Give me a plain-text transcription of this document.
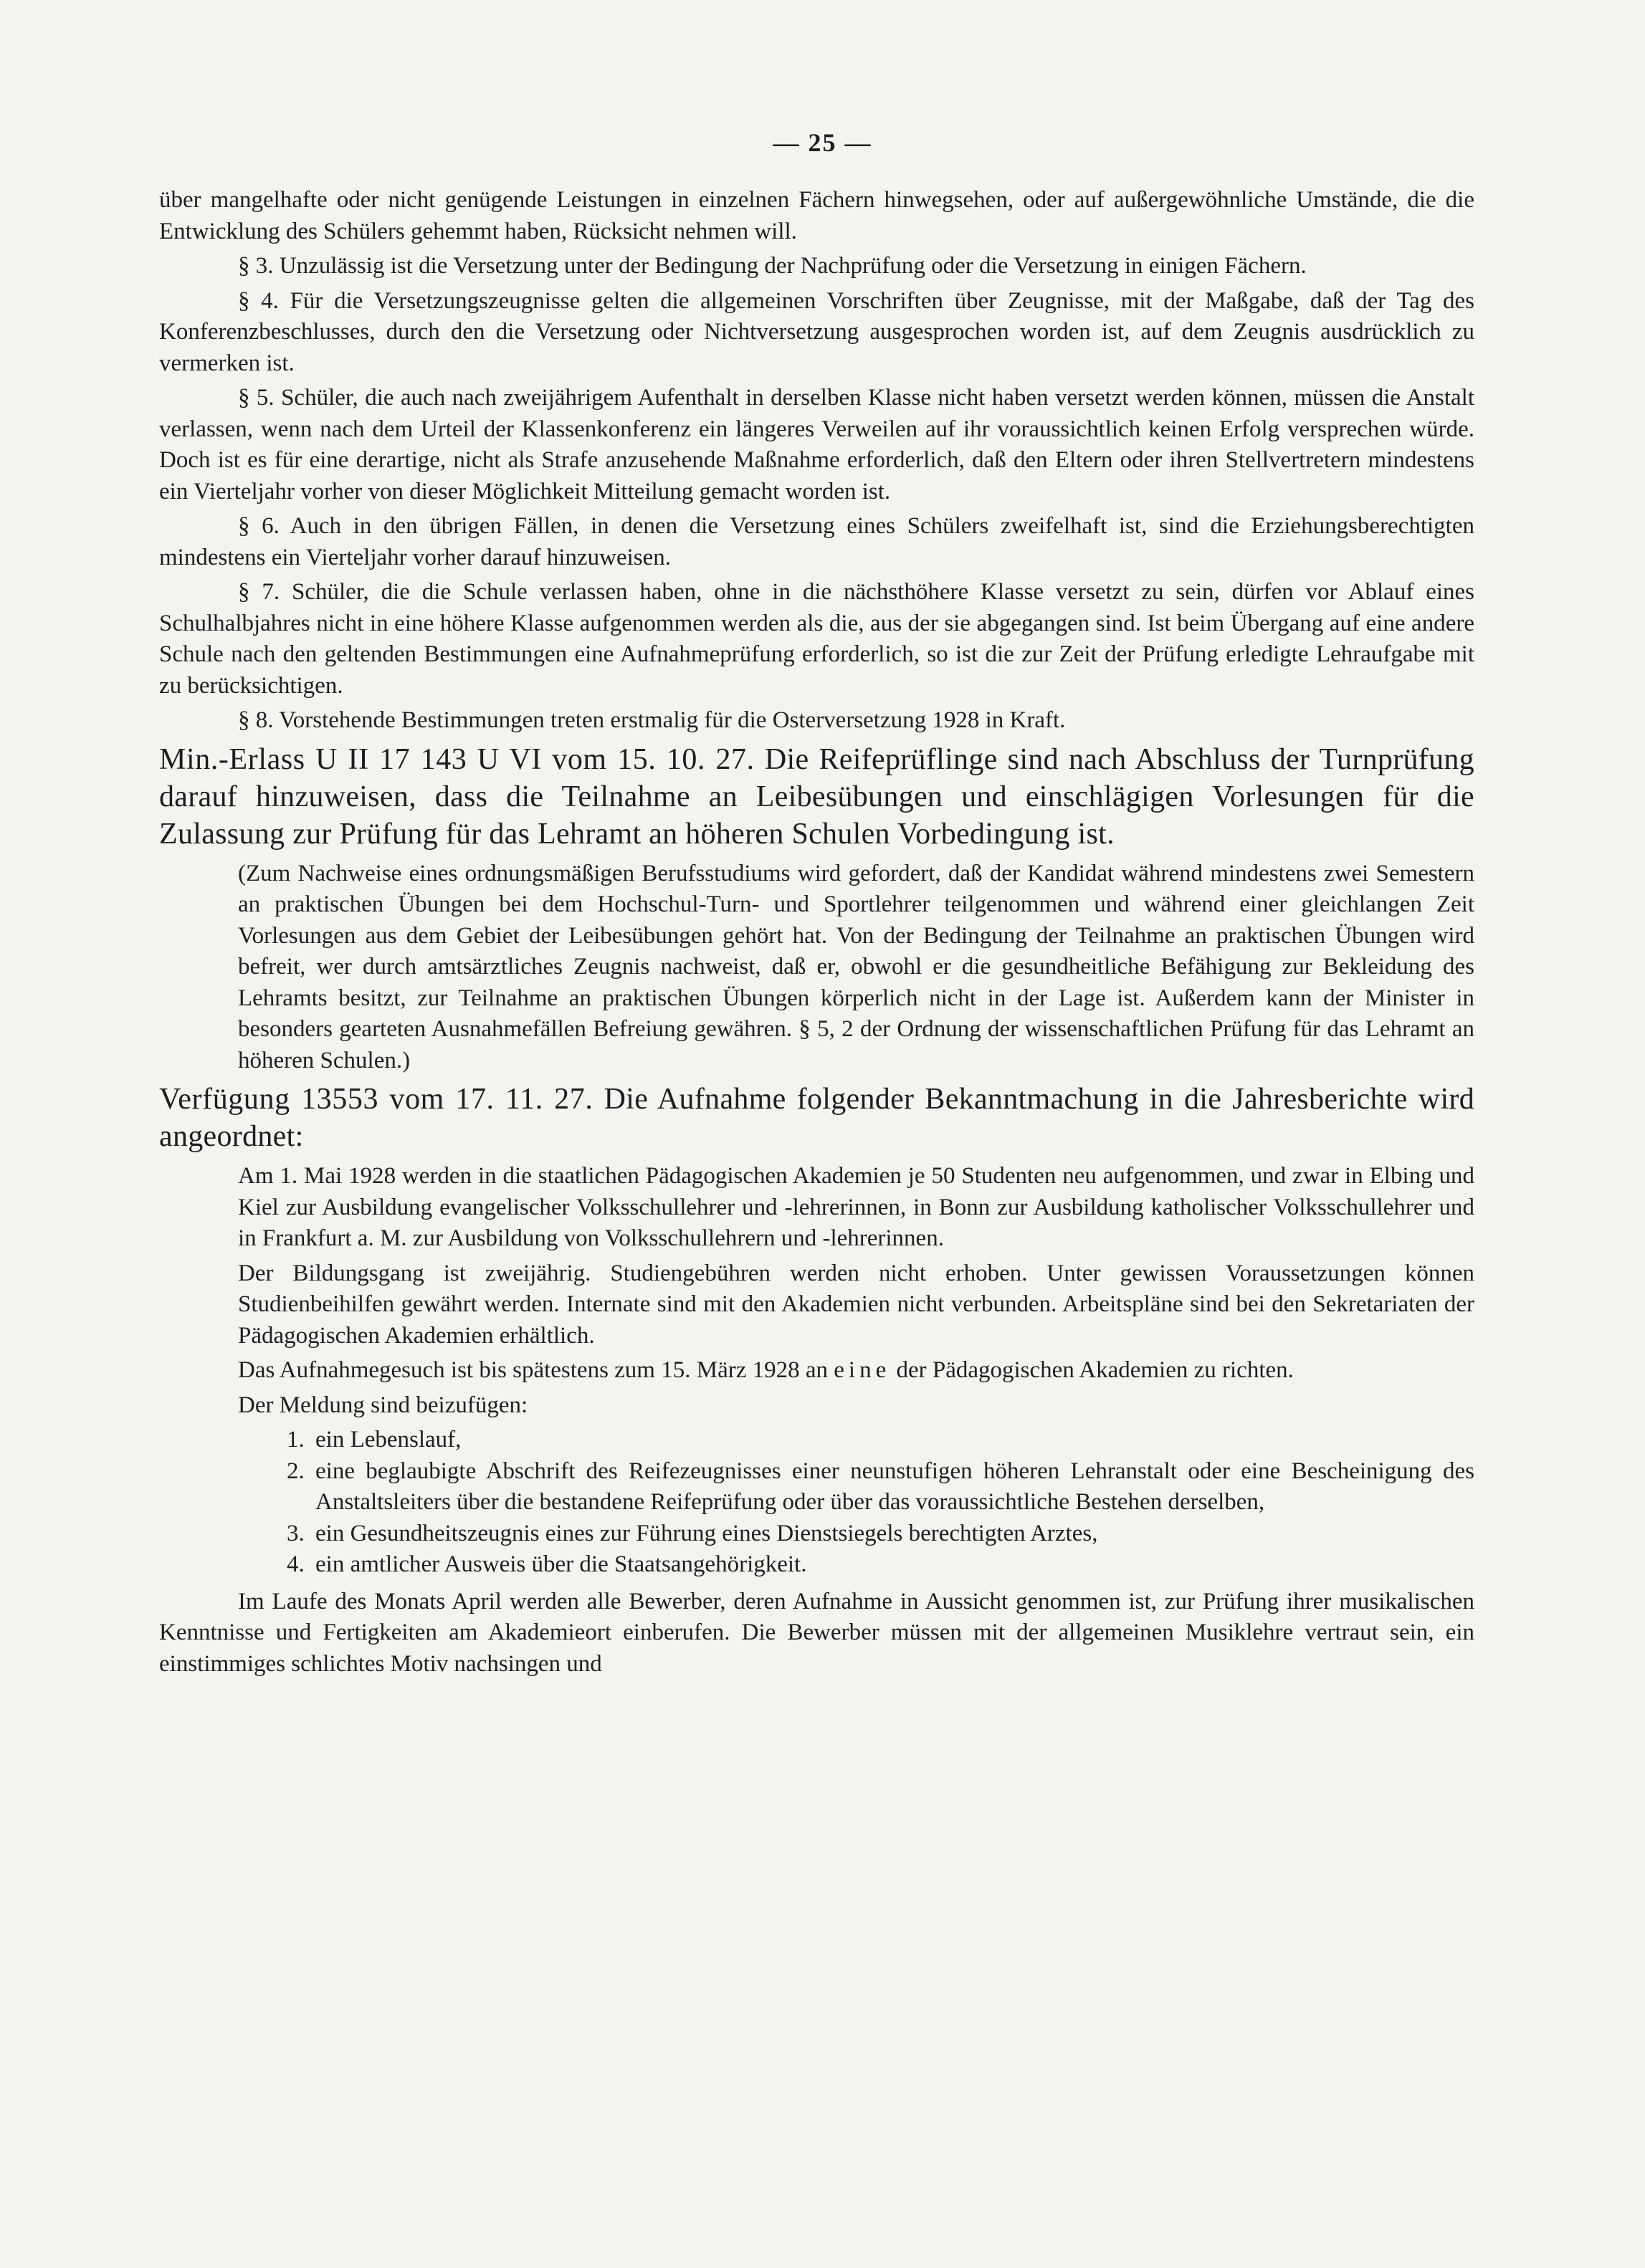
— 25 —

über mangelhafte oder nicht genügende Leistungen in einzelnen Fächern hinwegsehen, oder auf außergewöhnliche Umstände, die die Entwicklung des Schülers gehemmt haben, Rücksicht nehmen will.

§ 3. Unzulässig ist die Versetzung unter der Bedingung der Nachprüfung oder die Versetzung in einigen Fächern.

§ 4. Für die Versetzungszeugnisse gelten die allgemeinen Vorschriften über Zeugnisse, mit der Maßgabe, daß der Tag des Konferenzbeschlusses, durch den die Versetzung oder Nichtversetzung ausgesprochen worden ist, auf dem Zeugnis ausdrücklich zu vermerken ist.

§ 5. Schüler, die auch nach zweijährigem Aufenthalt in derselben Klasse nicht haben versetzt werden können, müssen die Anstalt verlassen, wenn nach dem Urteil der Klassenkonferenz ein längeres Verweilen auf ihr voraussichtlich keinen Erfolg versprechen würde. Doch ist es für eine derartige, nicht als Strafe anzusehende Maßnahme erforderlich, daß den Eltern oder ihren Stellvertretern mindestens ein Vierteljahr vorher von dieser Möglichkeit Mitteilung gemacht worden ist.

§ 6. Auch in den übrigen Fällen, in denen die Versetzung eines Schülers zweifelhaft ist, sind die Erziehungsberechtigten mindestens ein Vierteljahr vorher darauf hinzuweisen.

§ 7. Schüler, die die Schule verlassen haben, ohne in die nächsthöhere Klasse versetzt zu sein, dürfen vor Ablauf eines Schulhalbjahres nicht in eine höhere Klasse aufgenommen werden als die, aus der sie abgegangen sind. Ist beim Übergang auf eine andere Schule nach den geltenden Bestimmungen eine Aufnahmeprüfung erforderlich, so ist die zur Zeit der Prüfung erledigte Lehraufgabe mit zu berücksichtigen.

§ 8. Vorstehende Bestimmungen treten erstmalig für die Osterversetzung 1928 in Kraft.

Min.-Erlass U II 17 143 U VI vom 15. 10. 27. Die Reifeprüflinge sind nach Abschluss der Turnprüfung darauf hinzuweisen, dass die Teilnahme an Leibesübungen und einschlägigen Vorlesungen für die Zulassung zur Prüfung für das Lehramt an höheren Schulen Vorbedingung ist.

(Zum Nachweise eines ordnungsmäßigen Berufsstudiums wird gefordert, daß der Kandidat während mindestens zwei Semestern an praktischen Übungen bei dem Hochschul-Turn- und Sportlehrer teilgenommen und während einer gleichlangen Zeit Vorlesungen aus dem Gebiet der Leibesübungen gehört hat. Von der Bedingung der Teilnahme an praktischen Übungen wird befreit, wer durch amtsärztliches Zeugnis nachweist, daß er, obwohl er die gesundheitliche Befähigung zur Bekleidung des Lehramts besitzt, zur Teilnahme an praktischen Übungen körperlich nicht in der Lage ist. Außerdem kann der Minister in besonders gearteten Ausnahmefällen Befreiung gewähren. § 5, 2 der Ordnung der wissenschaftlichen Prüfung für das Lehramt an höheren Schulen.)

Verfügung 13553 vom 17. 11. 27. Die Aufnahme folgender Bekanntmachung in die Jahresberichte wird angeordnet:

Am 1. Mai 1928 werden in die staatlichen Pädagogischen Akademien je 50 Studenten neu aufgenommen, und zwar in Elbing und Kiel zur Ausbildung evangelischer Volksschullehrer und -lehrerinnen, in Bonn zur Ausbildung katholischer Volksschullehrer und in Frankfurt a. M. zur Ausbildung von Volksschullehrern und -lehrerinnen.

Der Bildungsgang ist zweijährig. Studiengebühren werden nicht erhoben. Unter gewissen Voraussetzungen können Studienbeihilfen gewährt werden. Internate sind mit den Akademien nicht verbunden. Arbeitspläne sind bei den Sekretariaten der Pädagogischen Akademien erhältlich.

Das Aufnahmegesuch ist bis spätestens zum 15. März 1928 an eine der Pädagogischen Akademien zu richten.

Der Meldung sind beizufügen:

1. ein Lebenslauf,
2. eine beglaubigte Abschrift des Reifezeugnisses einer neunstufigen höheren Lehranstalt oder eine Bescheinigung des Anstaltsleiters über die bestandene Reifeprüfung oder über das voraussichtliche Bestehen derselben,
3. ein Gesundheitszeugnis eines zur Führung eines Dienstsiegels berechtigten Arztes,
4. ein amtlicher Ausweis über die Staatsangehörigkeit.

Im Laufe des Monats April werden alle Bewerber, deren Aufnahme in Aussicht genommen ist, zur Prüfung ihrer musikalischen Kenntnisse und Fertigkeiten am Akademieort einberufen. Die Bewerber müssen mit der allgemeinen Musiklehre vertraut sein, ein einstimmiges schlichtes Motiv nachsingen und
